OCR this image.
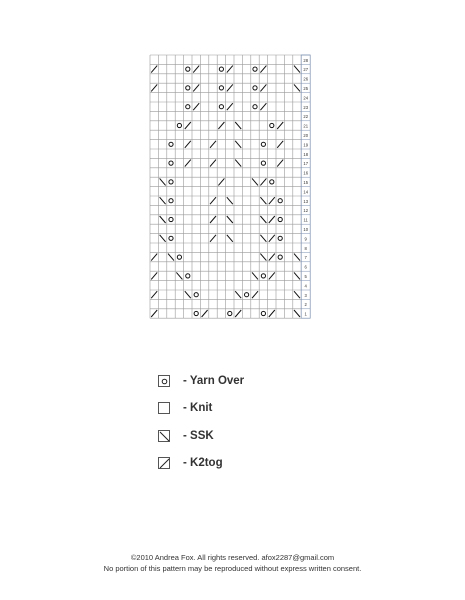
28
27
26
25
24
23
22
21
20
19
18
17
16
15
14
13
12
11
10
9
8
7
6
5
4
3
2
1
- Yarn Over
- Knit
- SSK
- K2tog
©2010 Andrea Fox. All rights reserved. afox2287@gmail.com
No portion of this pattern may be reproduced without express written consent.
